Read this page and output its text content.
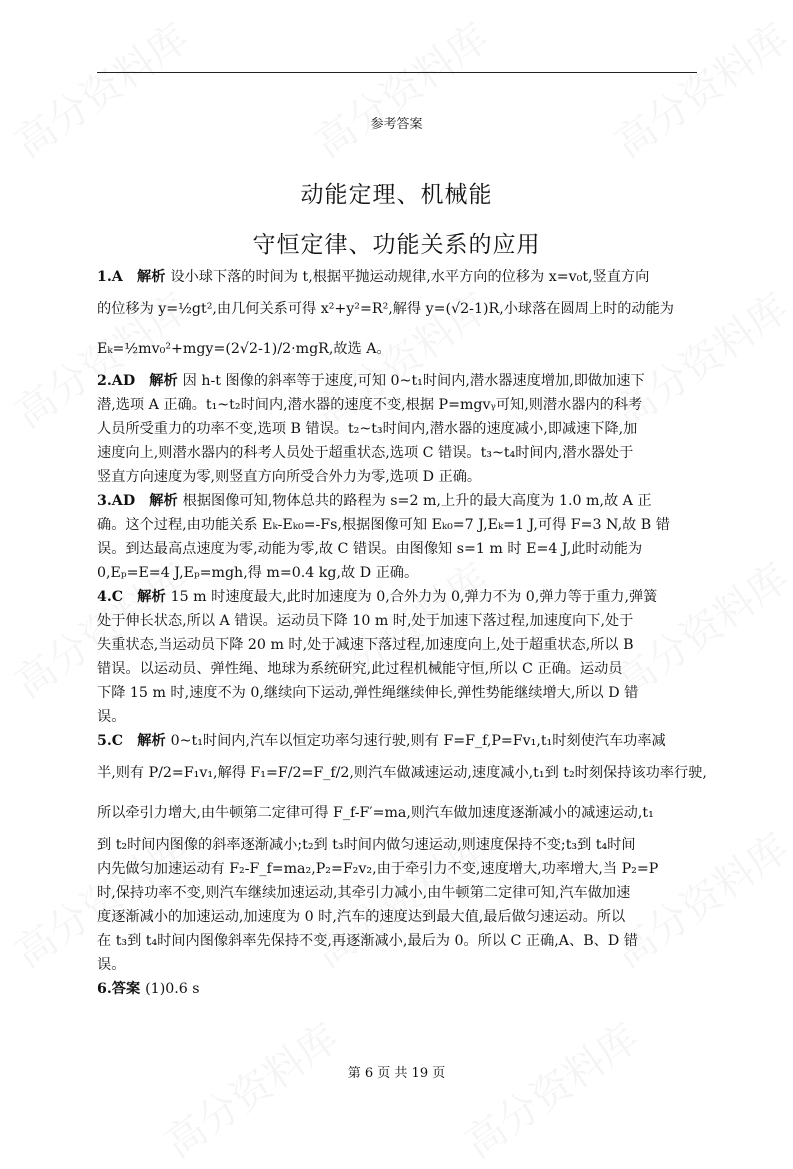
参考答案
动能定理、机械能
守恒定律、功能关系的应用
1.A　解析 设小球下落的时间为 t,根据平抛运动规律,水平方向的位移为 x=v₀t,竖直方向
的位移为 y=½gt²,由几何关系可得 x²+y²=R²,解得 y=(√2-1)R,小球落在圆周上时的动能为
Eₖ=½mv₀²+mgy=(2√2-1)/2·mgR,故选 A。
2.AD　解析 因 h-t 图像的斜率等于速度,可知 0~t₁时间内,潜水器速度增加,即做加速下
潜,选项 A 正确。t₁~t₂时间内,潜水器的速度不变,根据 P=mgvᵧ可知,则潜水器内的科考
人员所受重力的功率不变,选项 B 错误。t₂~t₃时间内,潜水器的速度减小,即减速下降,加
速度向上,则潜水器内的科考人员处于超重状态,选项 C 错误。t₃~t₄时间内,潜水器处于
竖直方向速度为零,则竖直方向所受合外力为零,选项 D 正确。
3.AD　解析 根据图像可知,物体总共的路程为 s=2 m,上升的最大高度为 1.0 m,故 A 正
确。这个过程,由功能关系 Eₖ-Eₖ₀=-Fs,根据图像可知 Eₖ₀=7 J,Eₖ=1 J,可得 F=3 N,故 B 错
误。到达最高点速度为零,动能为零,故 C 错误。由图像知 s=1 m 时 E=4 J,此时动能为
0,Eₚ=E=4 J,Eₚ=mgh,得 m=0.4 kg,故 D 正确。
4.C　解析 15 m 时速度最大,此时加速度为 0,合外力为 0,弹力不为 0,弹力等于重力,弹簧
处于伸长状态,所以 A 错误。运动员下降 10 m 时,处于加速下落过程,加速度向下,处于
失重状态,当运动员下降 20 m 时,处于减速下落过程,加速度向上,处于超重状态,所以 B
错误。以运动员、弹性绳、地球为系统研究,此过程机械能守恒,所以 C 正确。运动员
下降 15 m 时,速度不为 0,继续向下运动,弹性绳继续伸长,弹性势能继续增大,所以 D 错
误。
5.C　解析 0~t₁时间内,汽车以恒定功率匀速行驶,则有 F=F_f,P=Fv₁,t₁时刻使汽车功率减
半,则有 P/2=F₁v₁,解得 F₁=F/2=F_f/2,则汽车做减速运动,速度减小,t₁到 t₂时刻保持该功率行驶,
所以牵引力增大,由牛顿第二定律可得 F_f-F′=ma,则汽车做加速度逐渐减小的减速运动,t₁
到 t₂时间内图像的斜率逐渐减小;t₂到 t₃时间内做匀速运动,则速度保持不变;t₃到 t₄时间
内先做匀加速运动有 F₂-F_f=ma₂,P₂=F₂v₂,由于牵引力不变,速度增大,功率增大,当 P₂=P
时,保持功率不变,则汽车继续加速运动,其牵引力减小,由牛顿第二定律可知,汽车做加速
度逐渐减小的加速运动,加速度为 0 时,汽车的速度达到最大值,最后做匀速运动。所以
在 t₃到 t₄时间内图像斜率先保持不变,再逐渐减小,最后为 0。所以 C 正确,A、B、D 错
误。
6.答案 (1)0.6 s
第 6 页 共 19 页
